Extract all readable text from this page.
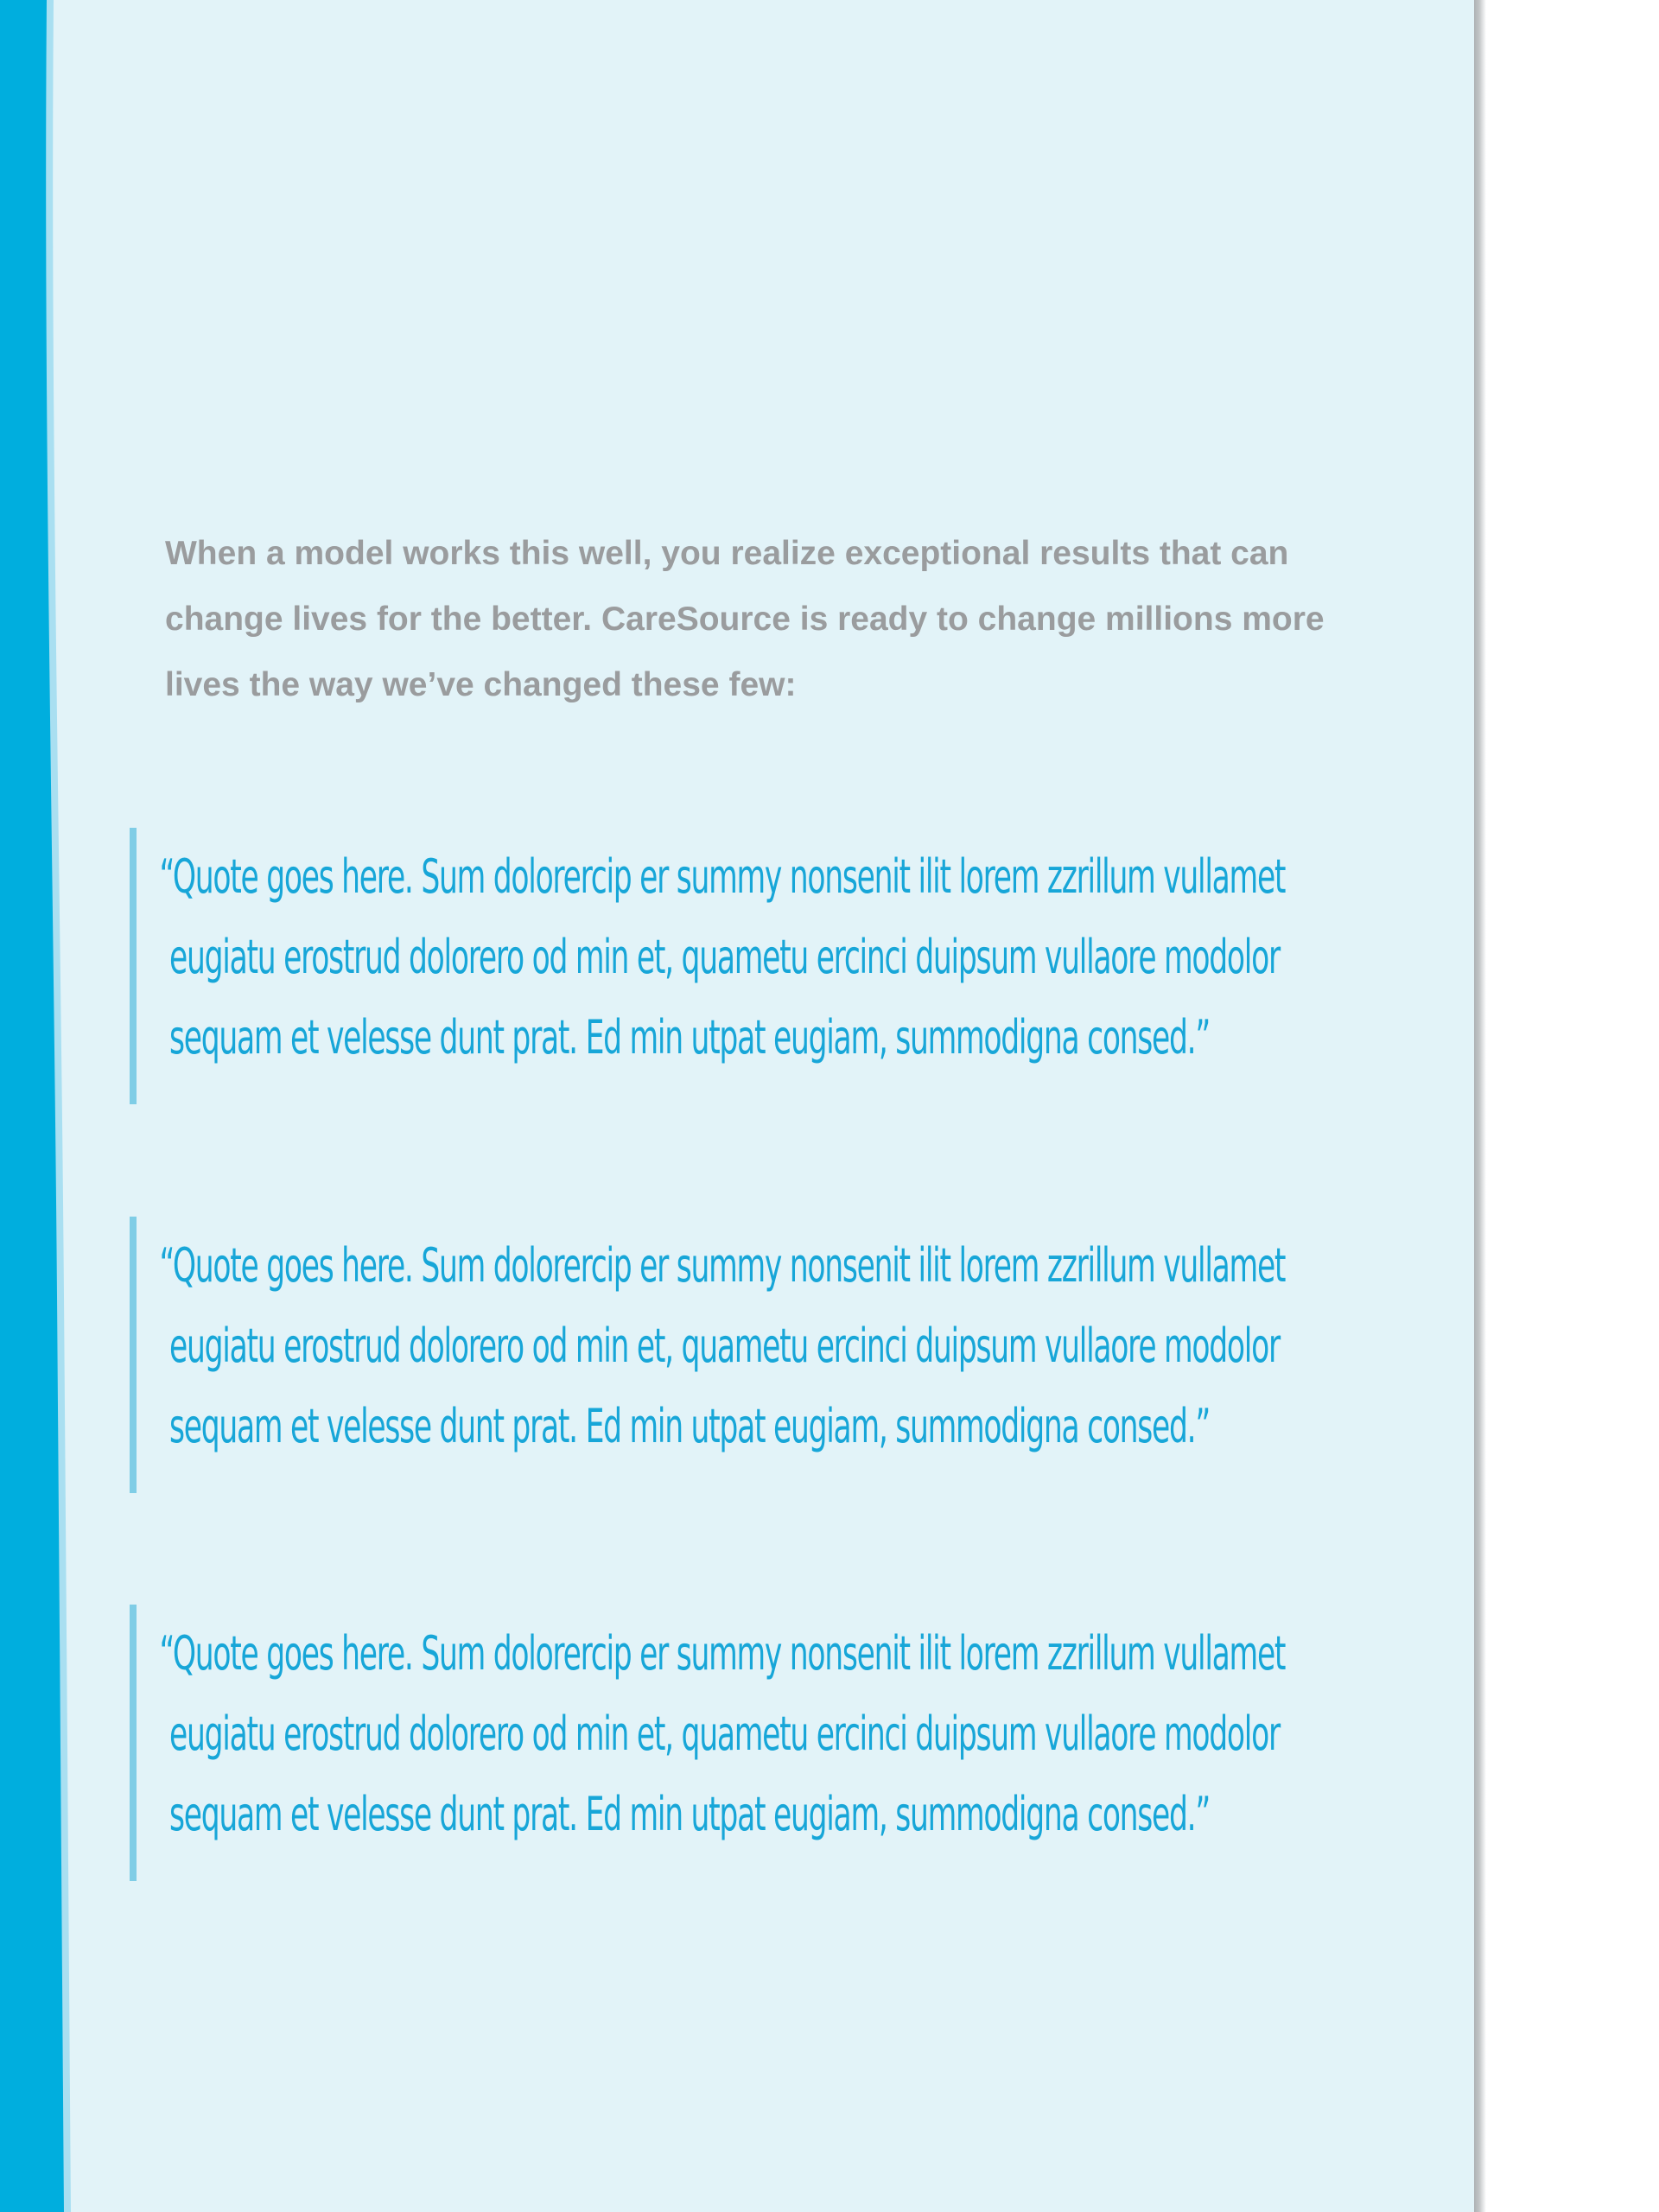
When a model works this well, you realize exceptional results that can change lives for the better. CareSource is ready to change millions more lives the way we’ve changed these few:

“Quote goes here. Sum dolorercip er summy nonsenit ilit lorem zzrillum vullamet eugiatu erostrud dolorero od min et, quametu ercinci duipsum vullaore modolor sequam et velesse dunt prat. Ed min utpat eugiam, summodigna consed.”

“Quote goes here. Sum dolorercip er summy nonsenit ilit lorem zzrillum vullamet eugiatu erostrud dolorero od min et, quametu ercinci duipsum vullaore modolor sequam et velesse dunt prat. Ed min utpat eugiam, summodigna consed.”

“Quote goes here. Sum dolorercip er summy nonsenit ilit lorem zzrillum vullamet eugiatu erostrud dolorero od min et, quametu ercinci duipsum vullaore modolor sequam et velesse dunt prat. Ed min utpat eugiam, summodigna consed.”
